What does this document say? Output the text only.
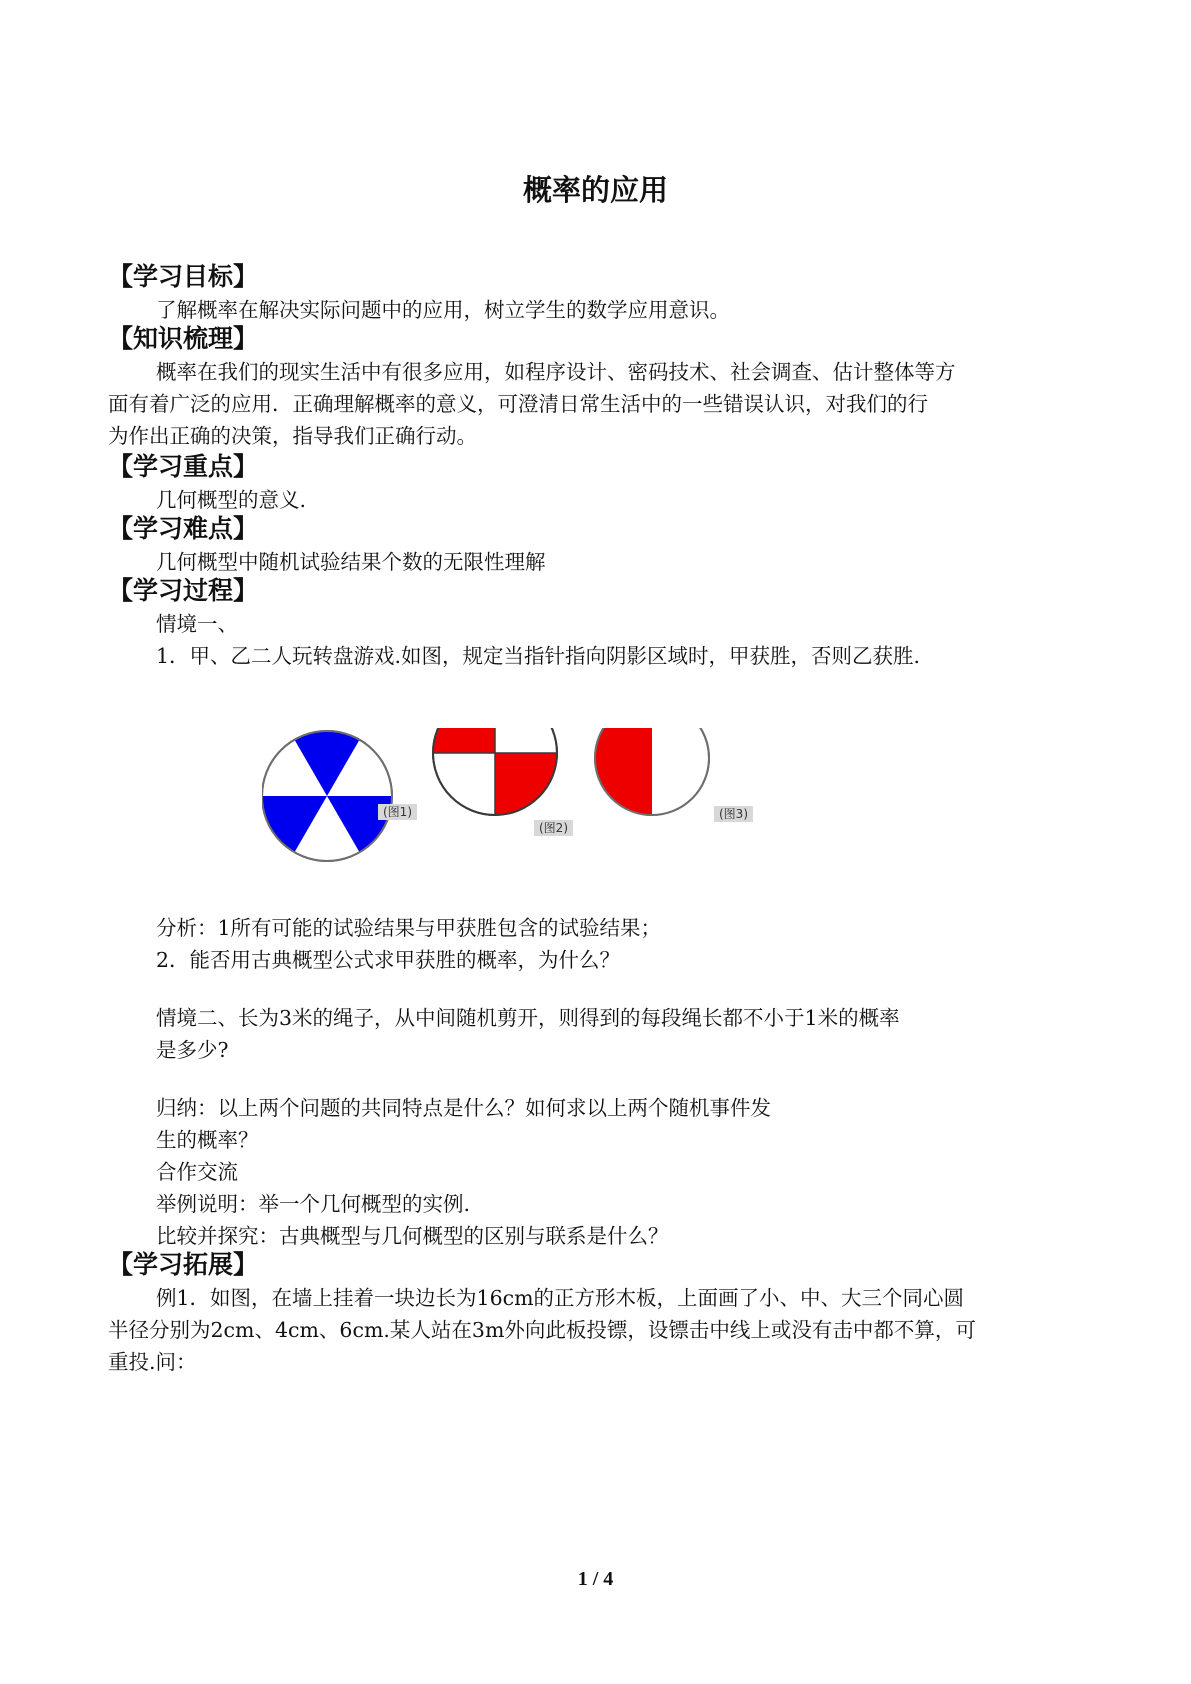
概率的应用
【学习目标】
了解概率在解决实际问题中的应用，树立学生的数学应用意识。
【知识梳理】
概率在我们的现实生活中有很多应用，如程序设计、密码技术、社会调查、估计整体等方
面有着广泛的应用．正确理解概率的意义，可澄清日常生活中的一些错误认识，对我们的行
为作出正确的决策，指导我们正确行动。
【学习重点】
几何概型的意义.
【学习难点】
几何概型中随机试验结果个数的无限性理解
【学习过程】
情境一、
1．甲、乙二人玩转盘游戏.如图，规定当指针指向阴影区域时，甲获胜，否则乙获胜.
(图1)
(图2)
(图3)
分析：1所有可能的试验结果与甲获胜包含的试验结果；
2．能否用古典概型公式求甲获胜的概率，为什么？
情境二、长为3米的绳子，从中间随机剪开，则得到的每段绳长都不小于1米的概率
是多少?
归纳：以上两个问题的共同特点是什么？如何求以上两个随机事件发
生的概率？
合作交流
举例说明：举一个几何概型的实例.
比较并探究：古典概型与几何概型的区别与联系是什么？
【学习拓展】
例1．如图，在墙上挂着一块边长为16cm的正方形木板，上面画了小、中、大三个同心圆
半径分别为2cm、4cm、6cm.某人站在3m外向此板投镖，设镖击中线上或没有击中都不算，可
重投.问：
1 / 4
